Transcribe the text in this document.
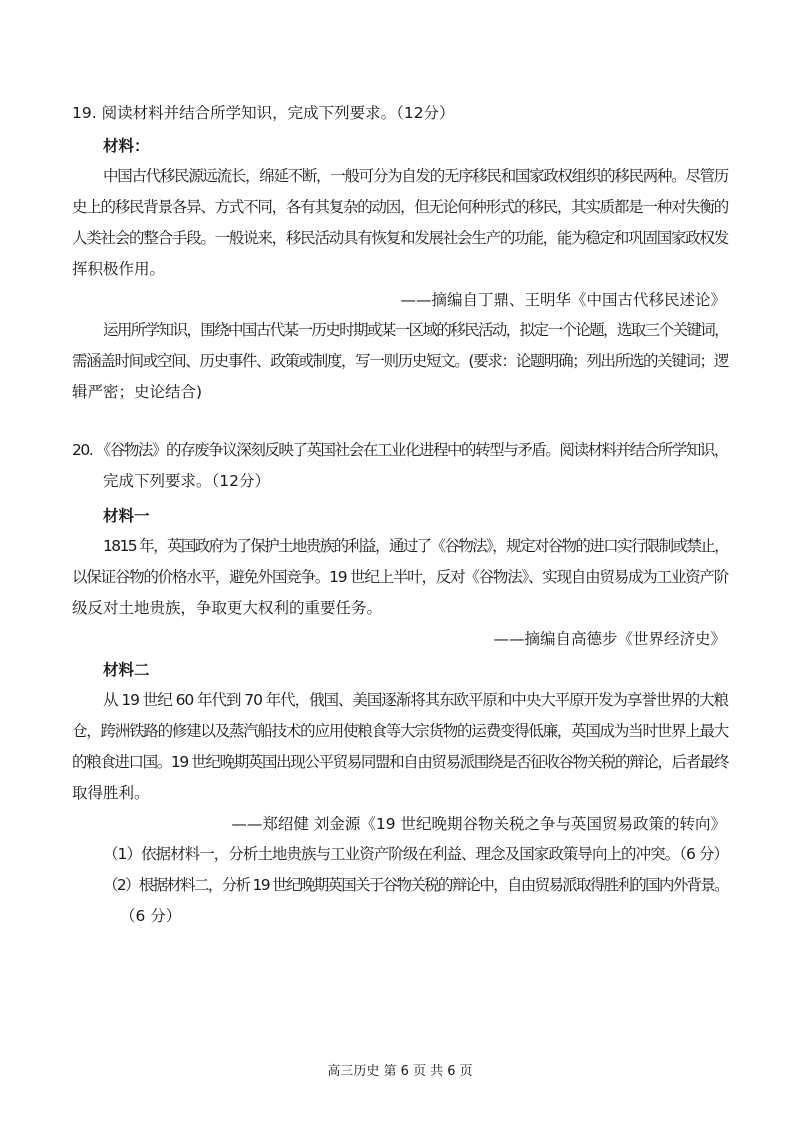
19. 阅读材料并结合所学知识，完成下列要求。（12分）
材料：
中国古代移民源远流长，绵延不断，一般可分为自发的无序移民和国家政权组织的移民两种。尽管历
史上的移民背景各异、方式不同，各有其复杂的动因，但无论何种形式的移民，其实质都是一种对失衡的
人类社会的整合手段。一般说来，移民活动具有恢复和发展社会生产的功能，能为稳定和巩固国家政权发
挥积极作用。
——摘编自丁鼎、王明华《中国古代移民述论》
运用所学知识，围绕中国古代某一历史时期或某一区域的移民活动，拟定一个论题，选取三个关键词，
需涵盖时间或空间、历史事件、政策或制度，写一则历史短文。(要求：论题明确；列出所选的关键词；逻
辑严密；史论结合)
20. 《谷物法》的存废争议深刻反映了英国社会在工业化进程中的转型与矛盾。阅读材料并结合所学知识，
完成下列要求。（12分）
材料一
1815 年，英国政府为了保护土地贵族的利益，通过了《谷物法》，规定对谷物的进口实行限制或禁止，
以保证谷物的价格水平，避免外国竞争。19 世纪上半叶，反对《谷物法》、实现自由贸易成为工业资产阶
级反对土地贵族，争取更大权利的重要任务。
——摘编自高德步《世界经济史》
材料二
从 19 世纪 60 年代到 70 年代，俄国、美国逐渐将其东欧平原和中央大平原开发为享誉世界的大粮
仓，跨洲铁路的修建以及蒸汽船技术的应用使粮食等大宗货物的运费变得低廉，英国成为当时世界上最大
的粮食进口国。19 世纪晚期英国出现公平贸易同盟和自由贸易派围绕是否征收谷物关税的辩论，后者最终
取得胜利。
——郑绍健 刘金源《19 世纪晚期谷物关税之争与英国贸易政策的转向》
（1）依据材料一，分析土地贵族与工业资产阶级在利益、理念及国家政策导向上的冲突。（6 分）
（2）根据材料二，分析 19 世纪晚期英国关于谷物关税的辩论中，自由贸易派取得胜利的国内外背景。
（6 分）
高三历史 第 6 页 共 6 页
